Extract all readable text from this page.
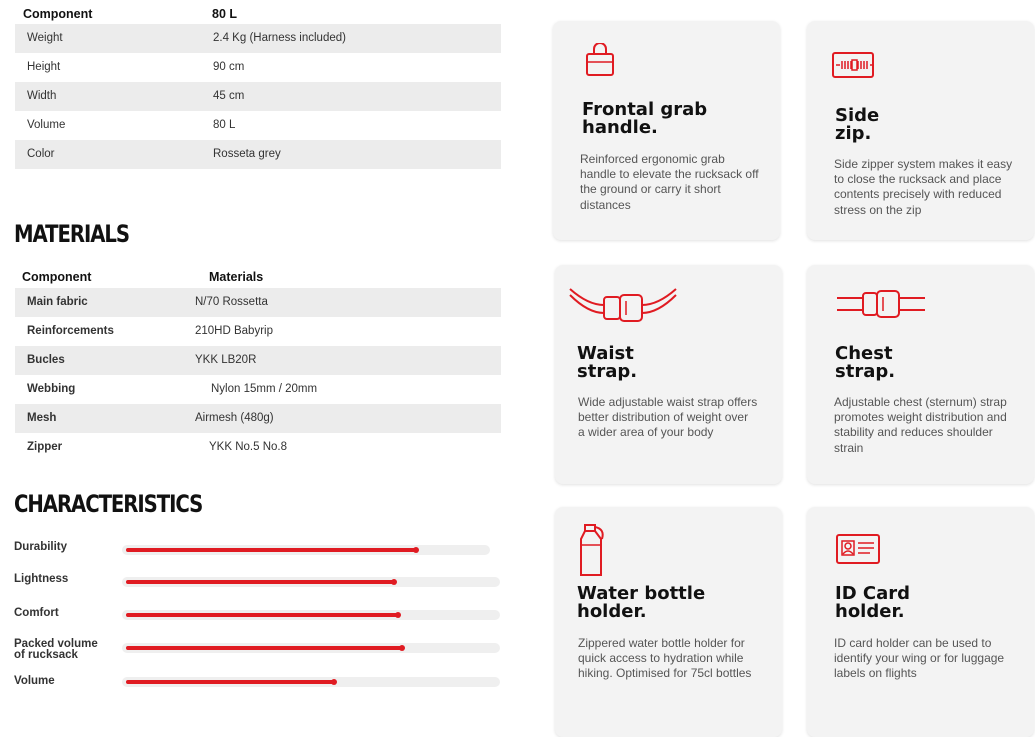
Component	80 L
Weight	2.4 Kg (Harness included)
Height	90 cm
Width	45 cm
Volume	80 L
Color	Rosseta grey
MATERIALS
Component	Materials
Main fabric	N/70 Rossetta
Reinforcements	210HD Babyrip
Bucles	YKK LB20R
Webbing	Nylon 15mm / 20mm
Mesh	Airmesh (480g)
Zipper	YKK No.5 No.8
CHARACTERISTICS
Durability
Lightness
Comfort
Packed volume
of rucksack
Volume
Frontal grab
handle.
Reinforced ergonomic grab handle to elevate the rucksack off the ground or carry it short distances
Side
zip.
Side zipper system makes it easy to close the rucksack and place contents precisely with reduced stress on the zip
Waist
strap.
Wide adjustable waist strap offers better distribution of weight over a wider area of your body
Chest
strap.
Adjustable chest (sternum) strap promotes weight distribution and stability and reduces shoulder strain
Water bottle
holder.
Zippered water bottle holder for quick access to hydration while hiking. Optimised for 75cl bottles
ID Card
holder.
ID card holder can be used to identify your wing or for luggage labels on flights
